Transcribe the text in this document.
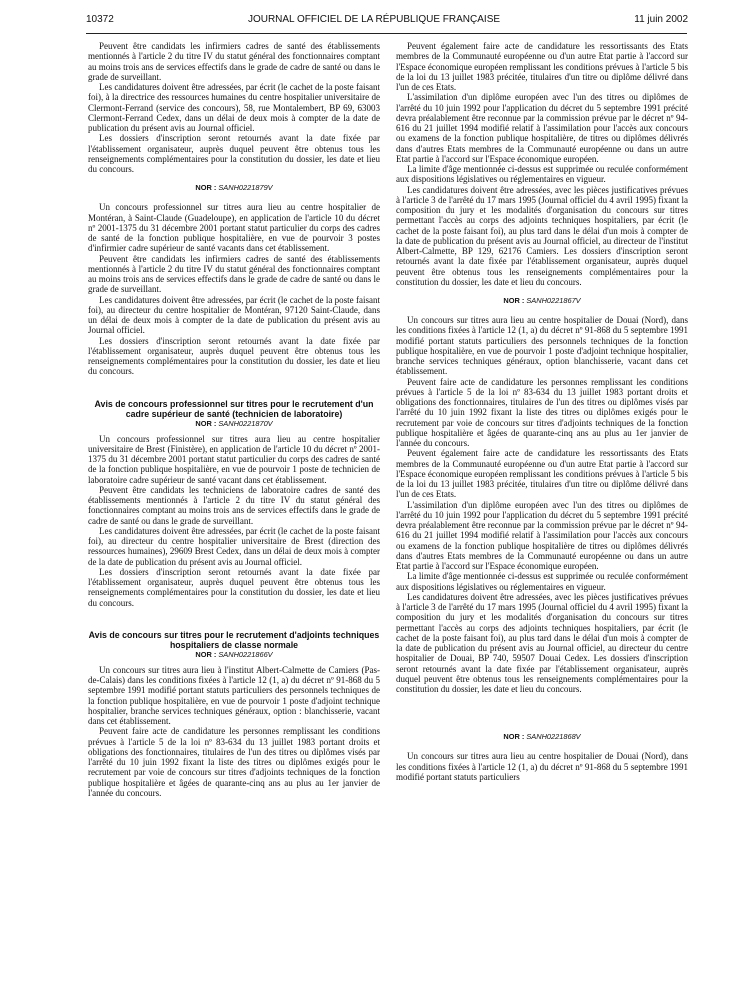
10372	JOURNAL OFFICIEL DE LA RÉPUBLIQUE FRANÇAISE	11 juin 2002

Peuvent être candidats les infirmiers cadres de santé des établissements mentionnés à l'article 2 du titre IV du statut général des fonctionnaires comptant au moins trois ans de services effectifs dans le grade de cadre de santé ou dans le grade de surveillant.

Les candidatures doivent être adressées, par écrit (le cachet de la poste faisant foi), à la directrice des ressources humaines du centre hospitalier universitaire de Clermont-Ferrand (service des concours), 58, rue Montalembert, BP 69, 63003 Clermont-Ferrand Cedex, dans un délai de deux mois à compter de la date de publication du présent avis au Journal officiel.

Les dossiers d'inscription seront retournés avant la date fixée par l'établissement organisateur, auprès duquel peuvent être obtenus tous les renseignements complémentaires pour la constitution du dossier, les date et lieu du concours.

NOR : SANH0221879V

Un concours professionnel sur titres aura lieu au centre hospitalier de Montéran, à Saint-Claude (Guadeloupe), en application de l'article 10 du décret nº 2001-1375 du 31 décembre 2001 portant statut particulier du corps des cadres de santé de la fonction publique hospitalière, en vue de pourvoir 3 postes d'infirmier cadre supérieur de santé vacants dans cet établissement.

Peuvent être candidats les infirmiers cadres de santé des établissements mentionnés à l'article 2 du titre IV du statut général des fonctionnaires comptant au moins trois ans de services effectifs dans le grade de cadre de santé ou dans le grade de surveillant.

Les candidatures doivent être adressées, par écrit (le cachet de la poste faisant foi), au directeur du centre hospitalier de Montéran, 97120 Saint-Claude, dans un délai de deux mois à compter de la date de publication du présent avis au Journal officiel.

Les dossiers d'inscription seront retournés avant la date fixée par l'établissement organisateur, auprès duquel peuvent être obtenus tous les renseignements complémentaires pour la constitution du dossier, les date et lieu du concours.

Avis de concours professionnel sur titres pour le recrutement d'un cadre supérieur de santé (technicien de laboratoire)

NOR : SANH0221870V

Un concours professionnel sur titres aura lieu au centre hospitalier universitaire de Brest (Finistère), en application de l'article 10 du décret nº 2001-1375 du 31 décembre 2001 portant statut particulier du corps des cadres de santé de la fonction publique hospitalière, en vue de pourvoir 1 poste de technicien de laboratoire cadre supérieur de santé vacant dans cet établissement.

Peuvent être candidats les techniciens de laboratoire cadres de santé des établissements mentionnés à l'article 2 du titre IV du statut général des fonctionnaires comptant au moins trois ans de services effectifs dans le grade de cadre de santé ou dans le grade de surveillant.

Les candidatures doivent être adressées, par écrit (le cachet de la poste faisant foi), au directeur du centre hospitalier universitaire de Brest (direction des ressources humaines), 29609 Brest Cedex, dans un délai de deux mois à compter de la date de publication du présent avis au Journal officiel.

Les dossiers d'inscription seront retournés avant la date fixée par l'établissement organisateur, auprès duquel peuvent être obtenus tous les renseignements complémentaires pour la constitution du dossier, les date et lieu du concours.

Avis de concours sur titres pour le recrutement d'adjoints techniques hospitaliers de classe normale

NOR : SANH0221866V

Un concours sur titres aura lieu à l'institut Albert-Calmette de Camiers (Pas-de-Calais) dans les conditions fixées à l'article 12 (1, a) du décret nº 91-868 du 5 septembre 1991 modifié portant statuts particuliers des personnels techniques de la fonction publique hospitalière, en vue de pourvoir 1 poste d'adjoint technique hospitalier, branche services techniques généraux, option : blanchisserie, vacant dans cet établissement.

Peuvent faire acte de candidature les personnes remplissant les conditions prévues à l'article 5 de la loi nº 83-634 du 13 juillet 1983 portant droits et obligations des fonctionnaires, titulaires de l'un des titres ou diplômes visés par l'arrêté du 10 juin 1992 fixant la liste des titres ou diplômes exigés pour le recrutement par voie de concours sur titres d'adjoints techniques de la fonction publique hospitalière et âgées de quarante-cinq ans au plus au 1er janvier de l'année du concours.

Peuvent également faire acte de candidature les ressortissants des Etats membres de la Communauté européenne ou d'un autre Etat partie à l'accord sur l'Espace économique européen remplissant les conditions prévues à l'article 5 bis de la loi du 13 juillet 1983 précitée, titulaires d'un titre ou diplôme délivré dans l'un de ces Etats.

L'assimilation d'un diplôme européen avec l'un des titres ou diplômes de l'arrêté du 10 juin 1992 pour l'application du décret du 5 septembre 1991 précité devra préalablement être reconnue par la commission prévue par le décret nº 94-616 du 21 juillet 1994 modifié relatif à l'assimilation pour l'accès aux concours ou examens de la fonction publique hospitalière, de titres ou diplômes délivrés dans d'autres Etats membres de la Communauté européenne ou dans un autre Etat partie à l'accord sur l'Espace économique européen.

La limite d'âge mentionnée ci-dessus est supprimée ou reculée conformément aux dispositions législatives ou réglementaires en vigueur.

Les candidatures doivent être adressées, avec les pièces justificatives prévues à l'article 3 de l'arrêté du 17 mars 1995 (Journal officiel du 4 avril 1995) fixant la composition du jury et les modalités d'organisation du concours sur titres permettant l'accès au corps des adjoints techniques hospitaliers, par écrit (le cachet de la poste faisant foi), au plus tard dans le délai d'un mois à compter de la date de publication du présent avis au Journal officiel, au directeur de l'institut Albert-Calmette, BP 129, 62176 Camiers. Les dossiers d'inscription seront retournés avant la date fixée par l'établissement organisateur, auprès duquel peuvent être obtenus tous les renseignements complémentaires pour la constitution du dossier, les date et lieu du concours.

NOR : SANH0221867V

Un concours sur titres aura lieu au centre hospitalier de Douai (Nord), dans les conditions fixées à l'article 12 (1, a) du décret nº 91-868 du 5 septembre 1991 modifié portant statuts particuliers des personnels techniques de la fonction publique hospitalière, en vue de pourvoir 1 poste d'adjoint technique hospitalier, branche services techniques généraux, option blanchisserie, vacant dans cet établissement.

Peuvent faire acte de candidature les personnes remplissant les conditions prévues à l'article 5 de la loi nº 83-634 du 13 juillet 1983 portant droits et obligations des fonctionnaires, titulaires de l'un des titres ou diplômes visés par l'arrêté du 10 juin 1992 fixant la liste des titres ou diplômes exigés pour le recrutement par voie de concours sur titres d'adjoints techniques de la fonction publique hospitalière et âgées de quarante-cinq ans au plus au 1er janvier de l'année du concours.

Peuvent également faire acte de candidature les ressortissants des Etats membres de la Communauté européenne ou d'un autre Etat partie à l'accord sur l'Espace économique européen remplissant les conditions prévues à l'article 5 bis de la loi du 13 juillet 1983 précitée, titulaires d'un titre ou diplôme délivré dans l'un de ces Etats.

L'assimilation d'un diplôme européen avec l'un des titres ou diplômes de l'arrêté du 10 juin 1992 pour l'application du décret du 5 septembre 1991 précité devra préalablement être reconnue par la commission prévue par le décret nº 94-616 du 21 juillet 1994 modifié relatif à l'assimilation pour l'accès aux concours ou examens de la fonction publique hospitalière de titres ou diplômes délivrés dans d'autres Etats membres de la Communauté européenne ou dans un autre Etat partie à l'accord sur l'Espace économique européen.

La limite d'âge mentionnée ci-dessus est supprimée ou reculée conformément aux dispositions législatives ou réglementaires en vigueur.

Les candidatures doivent être adressées, avec les pièces justificatives prévues à l'article 3 de l'arrêté du 17 mars 1995 (Journal officiel du 4 avril 1995) fixant la composition du jury et les modalités d'organisation du concours sur titres permettant l'accès au corps des adjoints techniques hospitaliers, par écrit (le cachet de la poste faisant foi), au plus tard dans le délai d'un mois à compter de la date de publication du présent avis au Journal officiel, au directeur du centre hospitalier de Douai, BP 740, 59507 Douai Cedex. Les dossiers d'inscription seront retournés avant la date fixée par l'établissement organisateur, auprès duquel peuvent être obtenus tous les renseignements complémentaires pour la constitution du dossier, les date et lieu du concours.

NOR : SANH0221868V

Un concours sur titres aura lieu au centre hospitalier de Douai (Nord), dans les conditions fixées à l'article 12 (1, a) du décret nº 91-868 du 5 septembre 1991 modifié portant statuts particuliers
